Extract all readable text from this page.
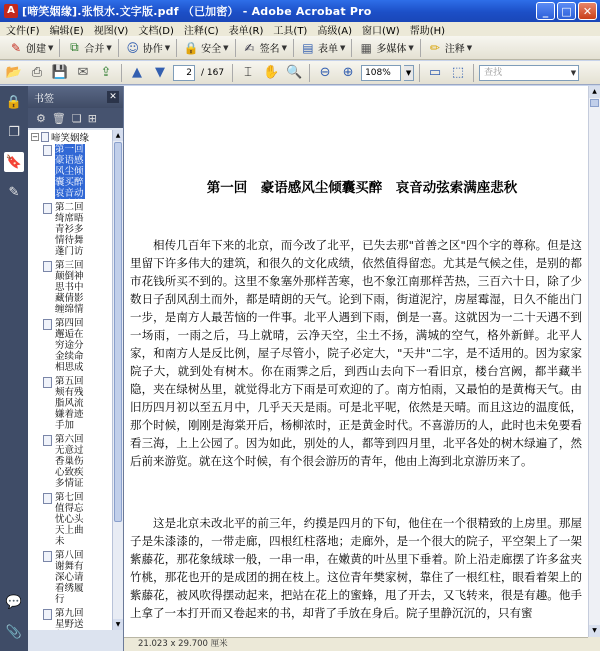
A [啼笑姻缘].张恨水.文字版.pdf （已加密） - Adobe Acrobat Pro	_	□	✕
文件(F) 编辑(E) 视图(V) 文档(D) 注释(C) 表单(R) 工具(T) 高级(A) 窗口(W) 帮助(H)
✎ 创建 ▼	⧉ 合并 ▼ ☺ 协作 ▼ 🔒 安全 ▼ ✍ 签名 ▼ ▤ 表单 ▼ ▦ 多媒体 ▼ ✏ 注释 ▼
📂 ⎙ 💾 ✉ ⇪	▲	▼	2	/ 167	⌶ ✋ 🔍	⊖ ⊕	108%	▼ ▭ ⬚	查找	▼
🔒
❐
🔖
✎
💬
📎
书签	✕
⚙ 🗑 ❏ ⊞
− 啼笑姻缘
第一回 豪语感风尘倾囊买醉哀音动
第二回 绮席晤青衫多情待舞蓬门访
第三回 颠倒神思书中藏倩影缠绵情
第四回 邂逅在穷途分金续命相思成
第五回 颊有残脂风流嫌着迹手加
第六回 无意过香巢伤心致疾多情证
第七回 值得忘忧心头天上曲未
第八回 谢舞有深心请看绣履行
第九回 星野送
▲
▼
第一回　豪语感风尘倾囊买醉　哀音动弦索满座悲秋
相传几百年下来的北京，而今改了北平，已失去那"首善之区"四个字的尊称。但是这里留下许多伟大的建筑，和很久的文化成绩，依然值得留恋。尤其是气候之佳，是别的都市花钱所买不到的。这里不象塞外那样苦寒，也不象江南那样苦热，三百六十日，除了少数日子刮风刮土而外，都是晴朗的天气。论到下雨，街道泥泞，房屋霉湿，日久不能出门一步，是南方人最苦恼的一件事。北平人遇到下雨，倒是一喜。这就因为一二十天遇不到一场雨，一雨之后，马上就晴，云净天空，尘土不扬，满城的空气，格外新鲜。北平人家，和南方人是反比例，屋子尽管小，院子必定大，"天井"二字，是不适用的。因为家家院子大，就到处有树木。你在雨霁之后，到西山去向下一看旧京，楼台宫阙，都半藏半隐，夹在绿树丛里，就觉得北方下雨是可欢迎的了。南方怕雨，又最怕的是黄梅天气。由旧历四月初以至五月中，几乎天天是雨。可是北平呢，依然是天晴。而且这边的温度低，那个时候，刚刚是海棠开后，杨柳浓时，正是黄金时代。不喜游历的人，此时也未免要看看三海，上上公园了。因为如此，别处的人，都等到四月里，北平各处的树木绿遍了，然后前来游览。就在这个时候，有个很会游历的青年，他由上海到北京游历来了。
这是北京未改北平的前三年，约摸是四月的下旬，他住在一个很精致的上房里。那屋子是朱漆漆的，一带走廊，四根红柱落地；走廊外，是一个很大的院子，平空架上了一架紫藤花，那花象绒球一般，一串一串，在嫩黄的叶丛里下垂着。阶上沿走廊摆了许多盆夹竹桃，那花也开的是成团的拥在枝上。这位青年樊家树，靠住了一根红柱，眼看着架上的紫藤花，被风吹得摆动起来，把站在花上的蜜蜂，甩了开去，又飞转来，很是有趣。他手上拿了一本打开而又卷起来的书，却背了手放在身后。院子里静沉沉的，只有蜜
▲
▼
21.023 x 29.700 厘米
